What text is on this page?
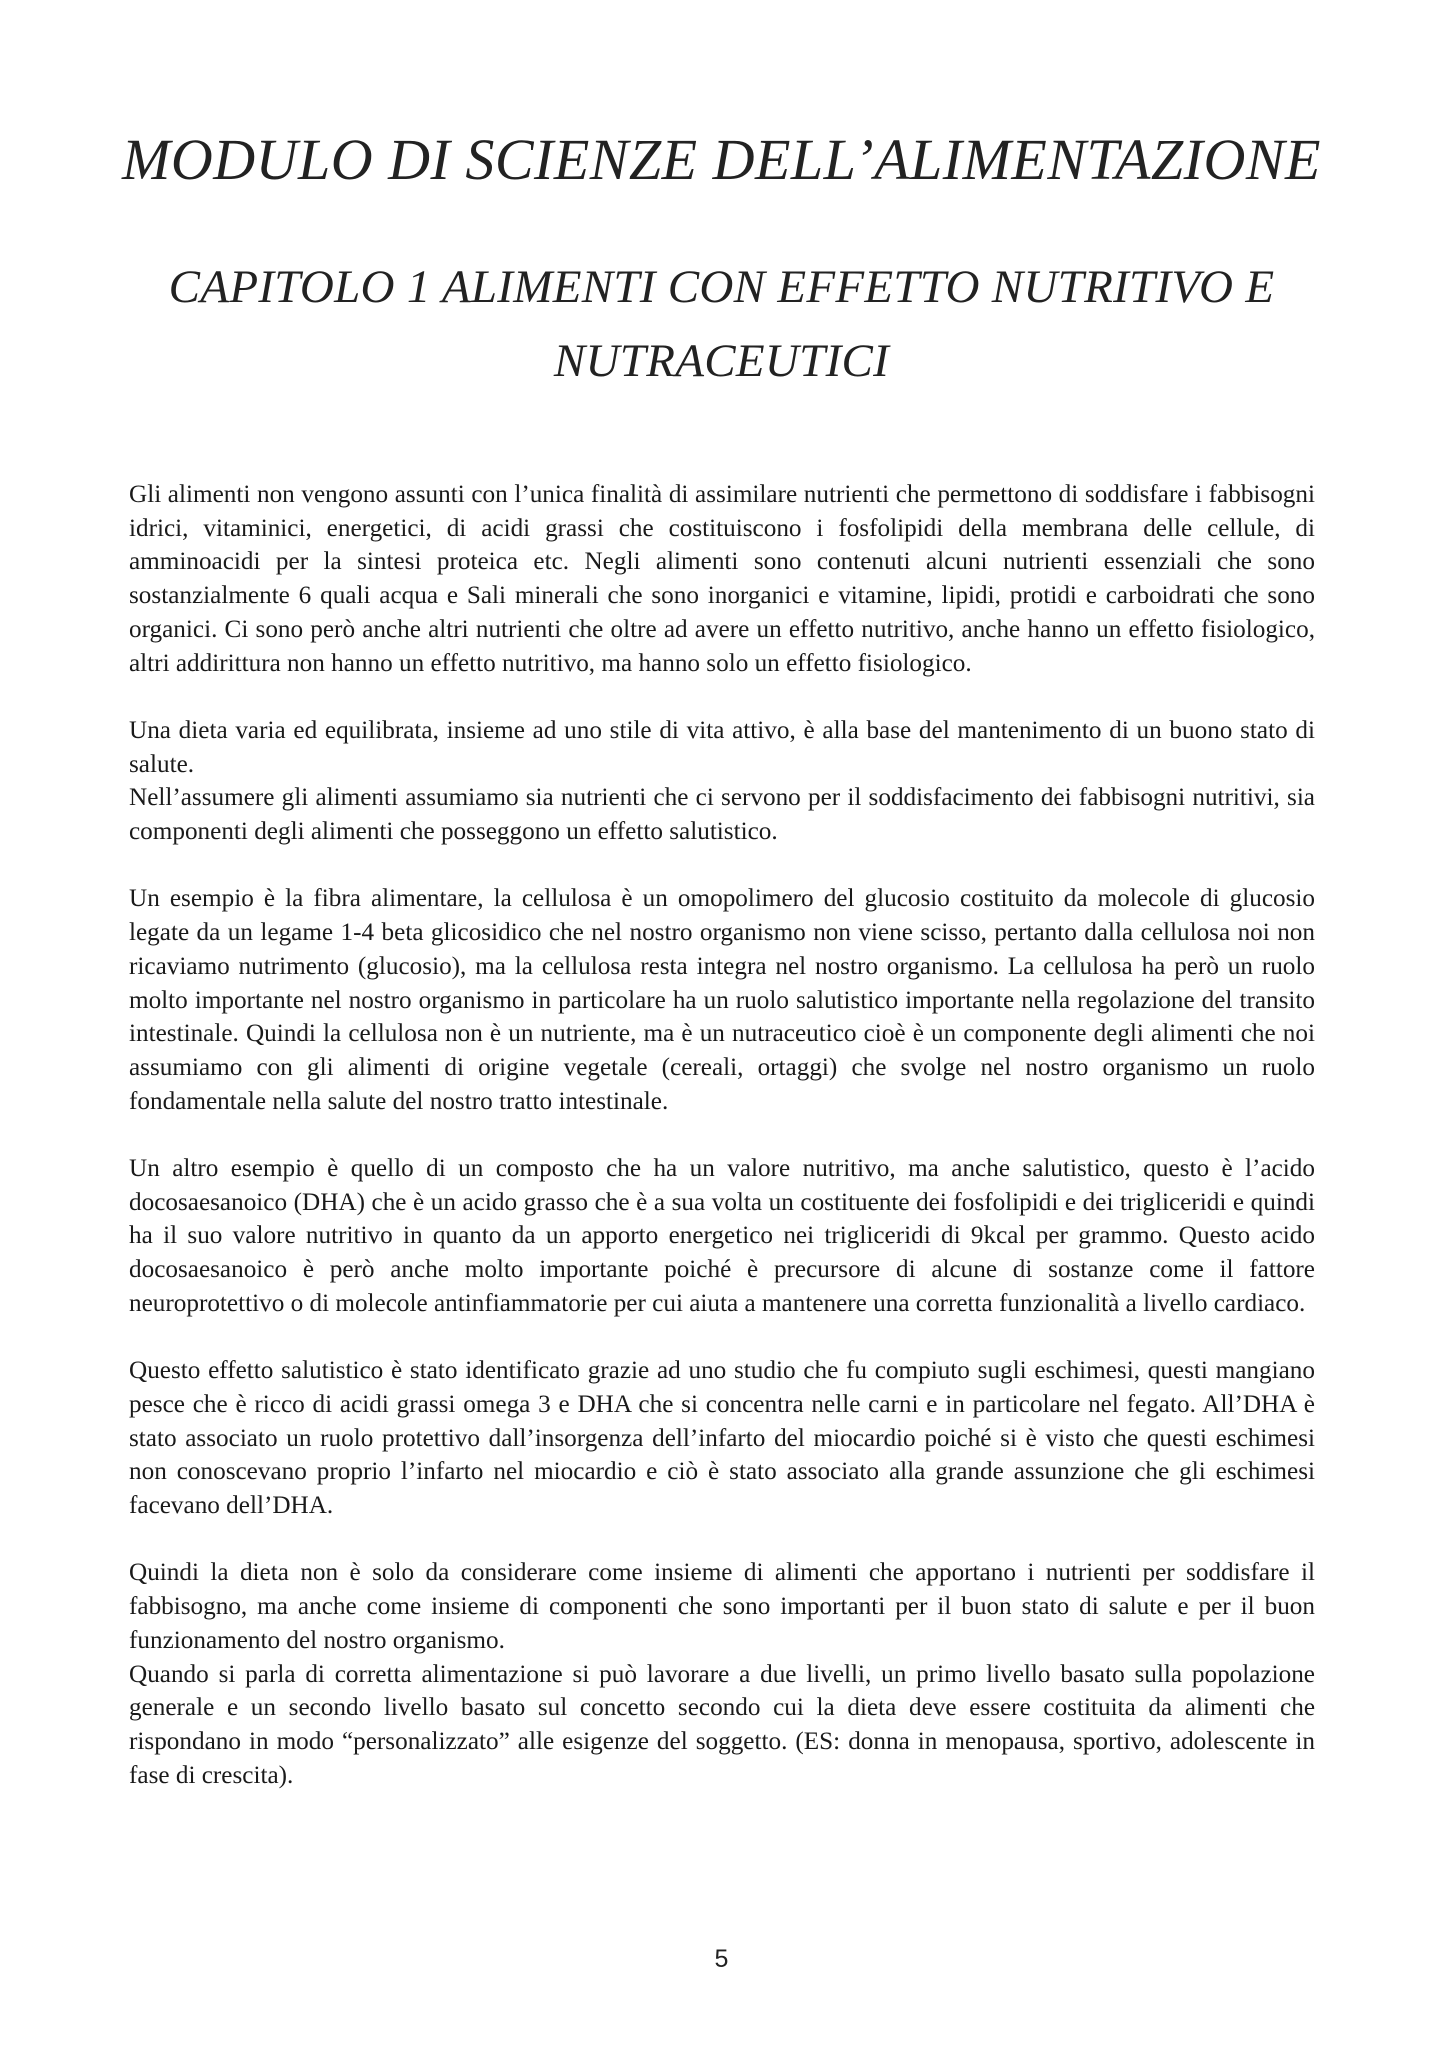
MODULO DI SCIENZE DELL’ALIMENTAZIONE
CAPITOLO 1 ALIMENTI CON EFFETTO NUTRITIVO E
NUTRACEUTICI

Gli alimenti non vengono assunti con l’unica finalità di assimilare nutrienti che permettono di soddisfare i fabbisogni idrici, vitaminici, energetici, di acidi grassi che costituiscono i fosfolipidi della membrana delle cellule, di amminoacidi per la sintesi proteica etc. Negli alimenti sono contenuti alcuni nutrienti essenziali che sono sostanzialmente 6 quali acqua e Sali minerali che sono inorganici e vitamine, lipidi, protidi e carboidrati che sono organici. Ci sono però anche altri nutrienti che oltre ad avere un effetto nutritivo, anche hanno un effetto fisiologico, altri addirittura non hanno un effetto nutritivo, ma hanno solo un effetto fisiologico.

Una dieta varia ed equilibrata, insieme ad uno stile di vita attivo, è alla base del mantenimento di un buono stato di salute.

Nell’assumere gli alimenti assumiamo sia nutrienti che ci servono per il soddisfacimento dei fabbisogni nutritivi, sia componenti degli alimenti che posseggono un effetto salutistico.

Un esempio è la fibra alimentare, la cellulosa è un omopolimero del glucosio costituito da molecole di glucosio legate da un legame 1-4 beta glicosidico che nel nostro organismo non viene scisso, pertanto dalla cellulosa noi non ricaviamo nutrimento (glucosio), ma la cellulosa resta integra nel nostro organismo. La cellulosa ha però un ruolo molto importante nel nostro organismo in particolare ha un ruolo salutistico importante nella regolazione del transito intestinale. Quindi la cellulosa non è un nutriente, ma è un nutraceutico cioè è un componente degli alimenti che noi assumiamo con gli alimenti di origine vegetale (cereali, ortaggi) che svolge nel nostro organismo un ruolo fondamentale nella salute del nostro tratto intestinale.

Un altro esempio è quello di un composto che ha un valore nutritivo, ma anche salutistico, questo è l’acido docosaesanoico (DHA) che è un acido grasso che è a sua volta un costituente dei fosfolipidi e dei trigliceridi e quindi ha il suo valore nutritivo in quanto da un apporto energetico nei trigliceridi di 9kcal per grammo. Questo acido docosaesanoico è però anche molto importante poiché è precursore di alcune di sostanze come il fattore neuroprotettivo o di molecole antinfiammatorie per cui aiuta a mantenere una corretta funzionalità a livello cardiaco.

Questo effetto salutistico è stato identificato grazie ad uno studio che fu compiuto sugli eschimesi, questi mangiano pesce che è ricco di acidi grassi omega 3 e DHA che si concentra nelle carni e in particolare nel fegato. All’DHA è stato associato un ruolo protettivo dall’insorgenza dell’infarto del miocardio poiché si è visto che questi eschimesi non conoscevano proprio l’infarto nel miocardio e ciò è stato associato alla grande assunzione che gli eschimesi facevano dell’DHA.

Quindi la dieta non è solo da considerare come insieme di alimenti che apportano i nutrienti per soddisfare il fabbisogno, ma anche come insieme di componenti che sono importanti per il buon stato di salute e per il buon funzionamento del nostro organismo.

Quando si parla di corretta alimentazione si può lavorare a due livelli, un primo livello basato sulla popolazione generale e un secondo livello basato sul concetto secondo cui la dieta deve essere costituita da alimenti che rispondano in modo “personalizzato” alle esigenze del soggetto. (ES: donna in menopausa, sportivo, adolescente in fase di crescita).

5
